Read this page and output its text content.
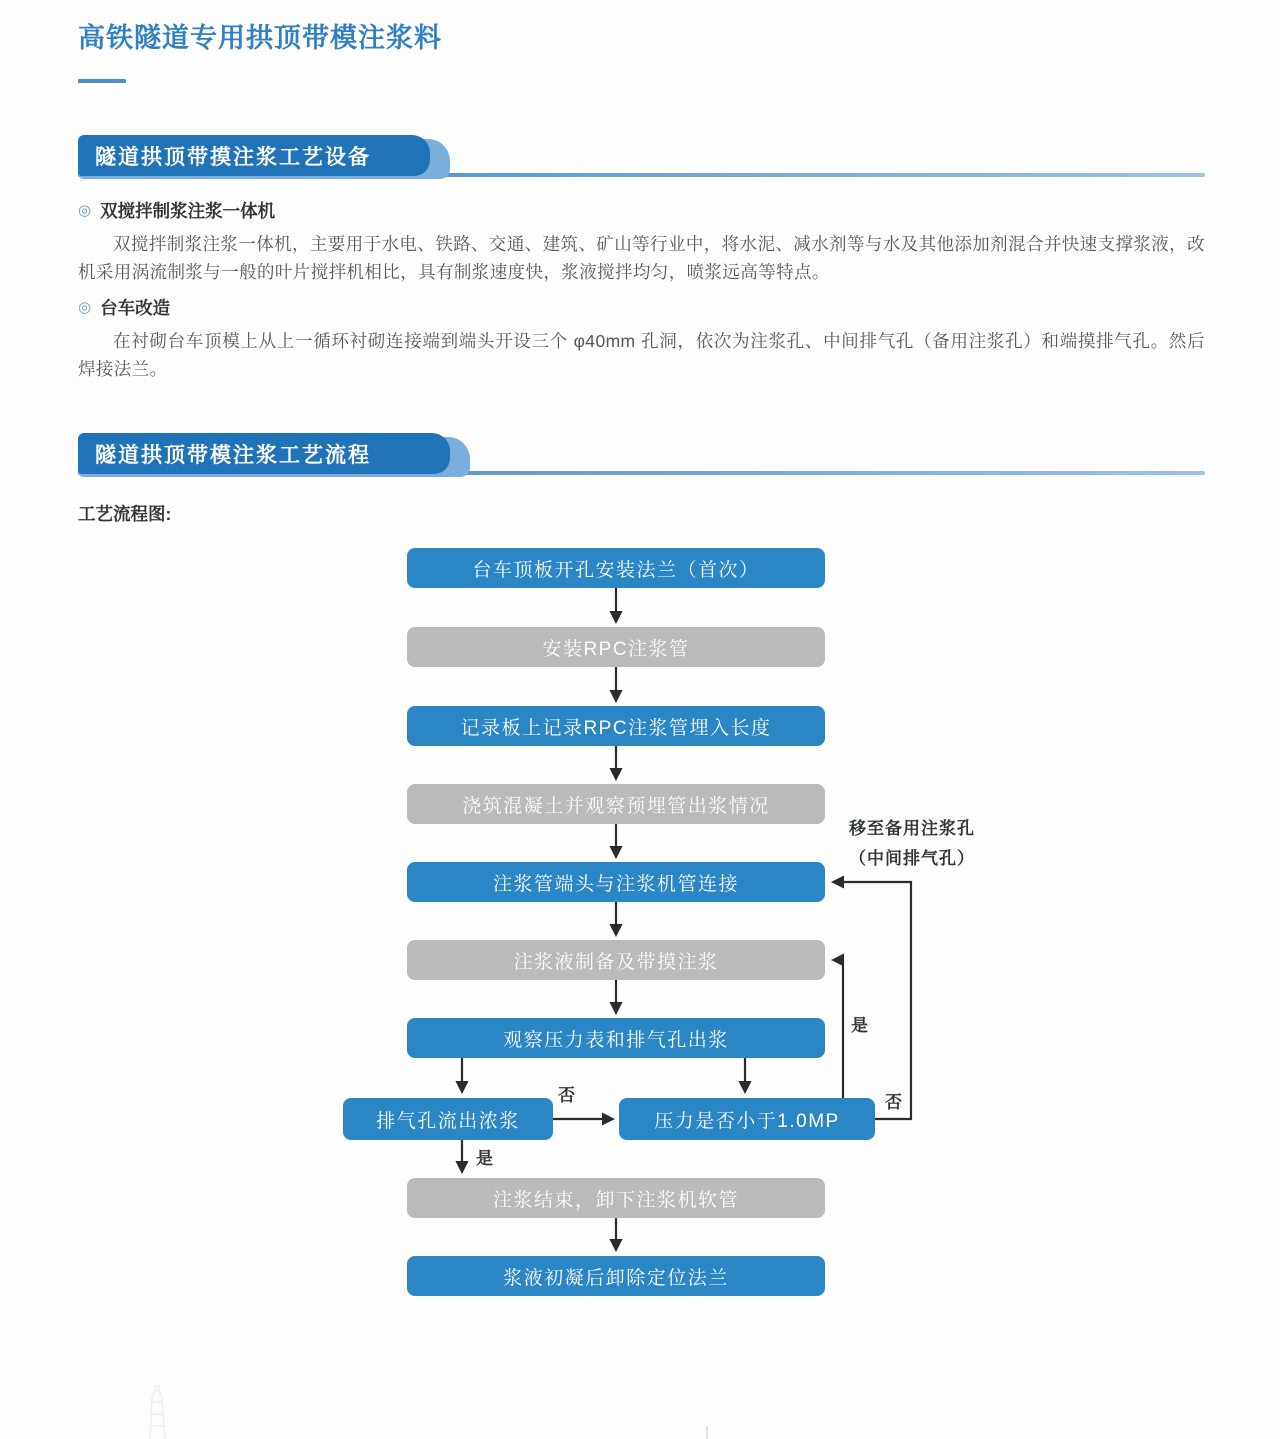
高铁隧道专用拱顶带模注浆料
隧道拱顶带摸注浆工艺设备
◎ 双搅拌制浆注浆一体机
双搅拌制浆注浆一体机，主要用于水电、铁路、交通、建筑、矿山等行业中，将水泥、减水剂等与水及其他添加剂混合并快速支撑浆液，改机采用涡流制浆与一般的叶片搅拌机相比，具有制浆速度快，浆液搅拌均匀，喷浆远高等特点。
◎ 台车改造
在衬砌台车顶模上从上一循环衬砌连接端到端头开设三个 φ40mm 孔洞，依次为注浆孔、中间排气孔（备用注浆孔）和端摸排气孔。然后焊接法兰。
隧道拱顶带模注浆工艺流程
工艺流程图:
台车顶板开孔安装法兰（首次）
安装RPC注浆管
记录板上记录RPC注浆管埋入长度
浇筑混凝土并观察预埋管出浆情况
注浆管端头与注浆机管连接
注浆液制备及带摸注浆
观察压力表和排气孔出浆
排气孔流出浓浆	压力是否小于1.0MP
注浆结束，卸下注浆机软管
浆液初凝后卸除定位法兰
否
是
是
否
移至备用注浆孔
（中间排气孔）
